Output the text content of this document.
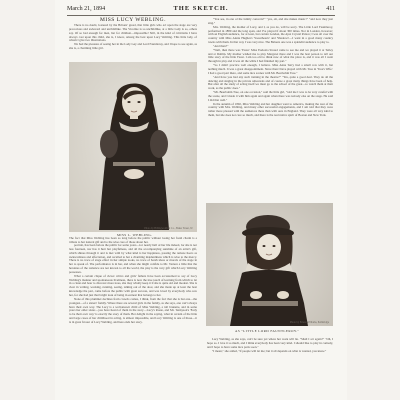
March 21, 1894	THE SKETCH.	411
MISS LUCY WEBLING.

There is no doubt, fostered by the Britons' greed, that little girls who act upon the stage are very precocious and awkward and unchildlike. The Vicomte is so unchildlike, at a little Lady is so, others say. Of so bad enough for men, but for children—impossible! Still, in the kind of criticisms I have always cast upon this child, she is, I know, among the best upon Lucy Webling. This little lady, of whom I give two illustrations.

We had the pleasure of seeing her in the Lady Gay and Lord Fauntleroy, and I hope to see again, as she is, a charming little girl.

Photo by Hillingworth & Co., Baker Street, W.
MISS L. WEBLING.
The fact that Miss Webling has been so long before the public without losing her fresh charm is a tribute to her natural gift and to the wise care of those about her.

portrait, has been before the public for some years—for nearly half of her life indeed, for she is not less fourteen, nor has it hurt her playfulness, and all the accompanying sunshine of an artist's gift, which shines through it and is met with by what kind is her happiness, passing the remote hoots as awkwardness and affectation, and recalled to her a charming maidenliness which is wise to the mercy. There is no trace of stage effect in her simple looks, no trace of harsh ideas or morals of the stage in her to speak of. The performance is in her, and when she might confide to Mr. Vernon a little that the heroines of the romance are not known to all the world, the play is the very gift which Lucy Webling possesses.

What a certain clique of clever critics and girls' fathers have been accustomed to say of Lucy Webling's manner and spontaneous liveliness, there is now the true touch of learning from which to let in a clean and bear to discover more trees, she may wholly keep it if she is quite old and modest. She is clear in writing, working, running, seeing, talking out of the door, and she made up at least the best knowledge the part, came before the public with great success, and was loved by everybody who saw her, for she had just that bright look of being in earnest that belongs to her.

None of this plummet declines from crowds comes, I think, from the fact that she is but one—the youngest—of a sisters' family. Where there are several girls in the family, as she says, one can't always have their own way. The Lucy is a well-known child of Miss Webling, a tall brunette, and in some years her elder sister—you have heard of them in the story—Lucy's Rosie, and Mr. Tennyson's 'Eady to be their own way' is exactly the story of them. Her delight in the saying, what in certain of the little and large cases of her childhood in acting, is almost impossible, and Lucy Webling is one of those—it is in great favour of Lucy Webling, and here ends her story.

"You see, in one of the family concerts?" "yes, oh, and she makes music!" "and now they just sing."

Mrs. Webling, the mother of Lucy, and I, as you do, will be sorry. The Little Lord Fauntleroy, performed in 1889 and the long span, and I've played if about 300 times. Not in London, however; with an English audience, for at least, but certain London, the Ajax Crystal Palace; I was all over the country with Miss Annie Hughes's 'Sweethearts' and 'Shadows'—I went in a good many country towns with them. In that way I was very nice. The Baluers one was a splendid audience to play to.

"And then?"

"Well, then there was 'Faust.' Miss Eudoxia Stroud came to see me and we played it at Tetley and at Dublin. My mother wished me to play Margaret there and I was the best person to tell our little story of the little Faust. I am too old to think now of what the place is, and it was all I went through in play and it was all the while I had finished my part."

"So I didn't practice well enough, I believe. Miss Anne Terry had a small row with it, but nothing much. It was a great disappointment. Since then I have played with Mr. Tree in 'Tree's Wife.' I had a good part there, and some nice scenes with Mr. Beerbohm Tree."

"And have you had any such training in the theatre?" "Yes, quite a good deal. They do all the dancing and singing in the private rehearsals and of course a great many things have been of help. But after all the study of acting itself we must go to the school of the great—to watch them at their work, as the public does."

"Mr. Beerbohm Tree, on one occasion," said the little girl, "told me I was to be very careful with the scene, and I made it with him again and again when there was nobody else on the stage. He said I did that well."

In the autumn of 1892, Miss Webling and her daughter went to America, making the tour of the country with Mrs. Webling, and many other successful engagements, and I am told that they were rather more pleased with the audiences there than with ours in England. They were all very kind to them, but she does not care so much, and there is the real native spirit of Boston and New York.

Photo by Ernest Williams, Pembridge
AS "LITTLE LORD FAUNTLEROY."

Lucy Webling, as she says, can't be sure yet where her work will lie. "Shall I act again?" "Oh, I hope so. I love it so much, and I think everybody has been very kind. I should like to play in comedy, and I hope to have some nice parts soon."

"I mean," she added, "if people will let me; but it all depends on what is wanted, you know."
